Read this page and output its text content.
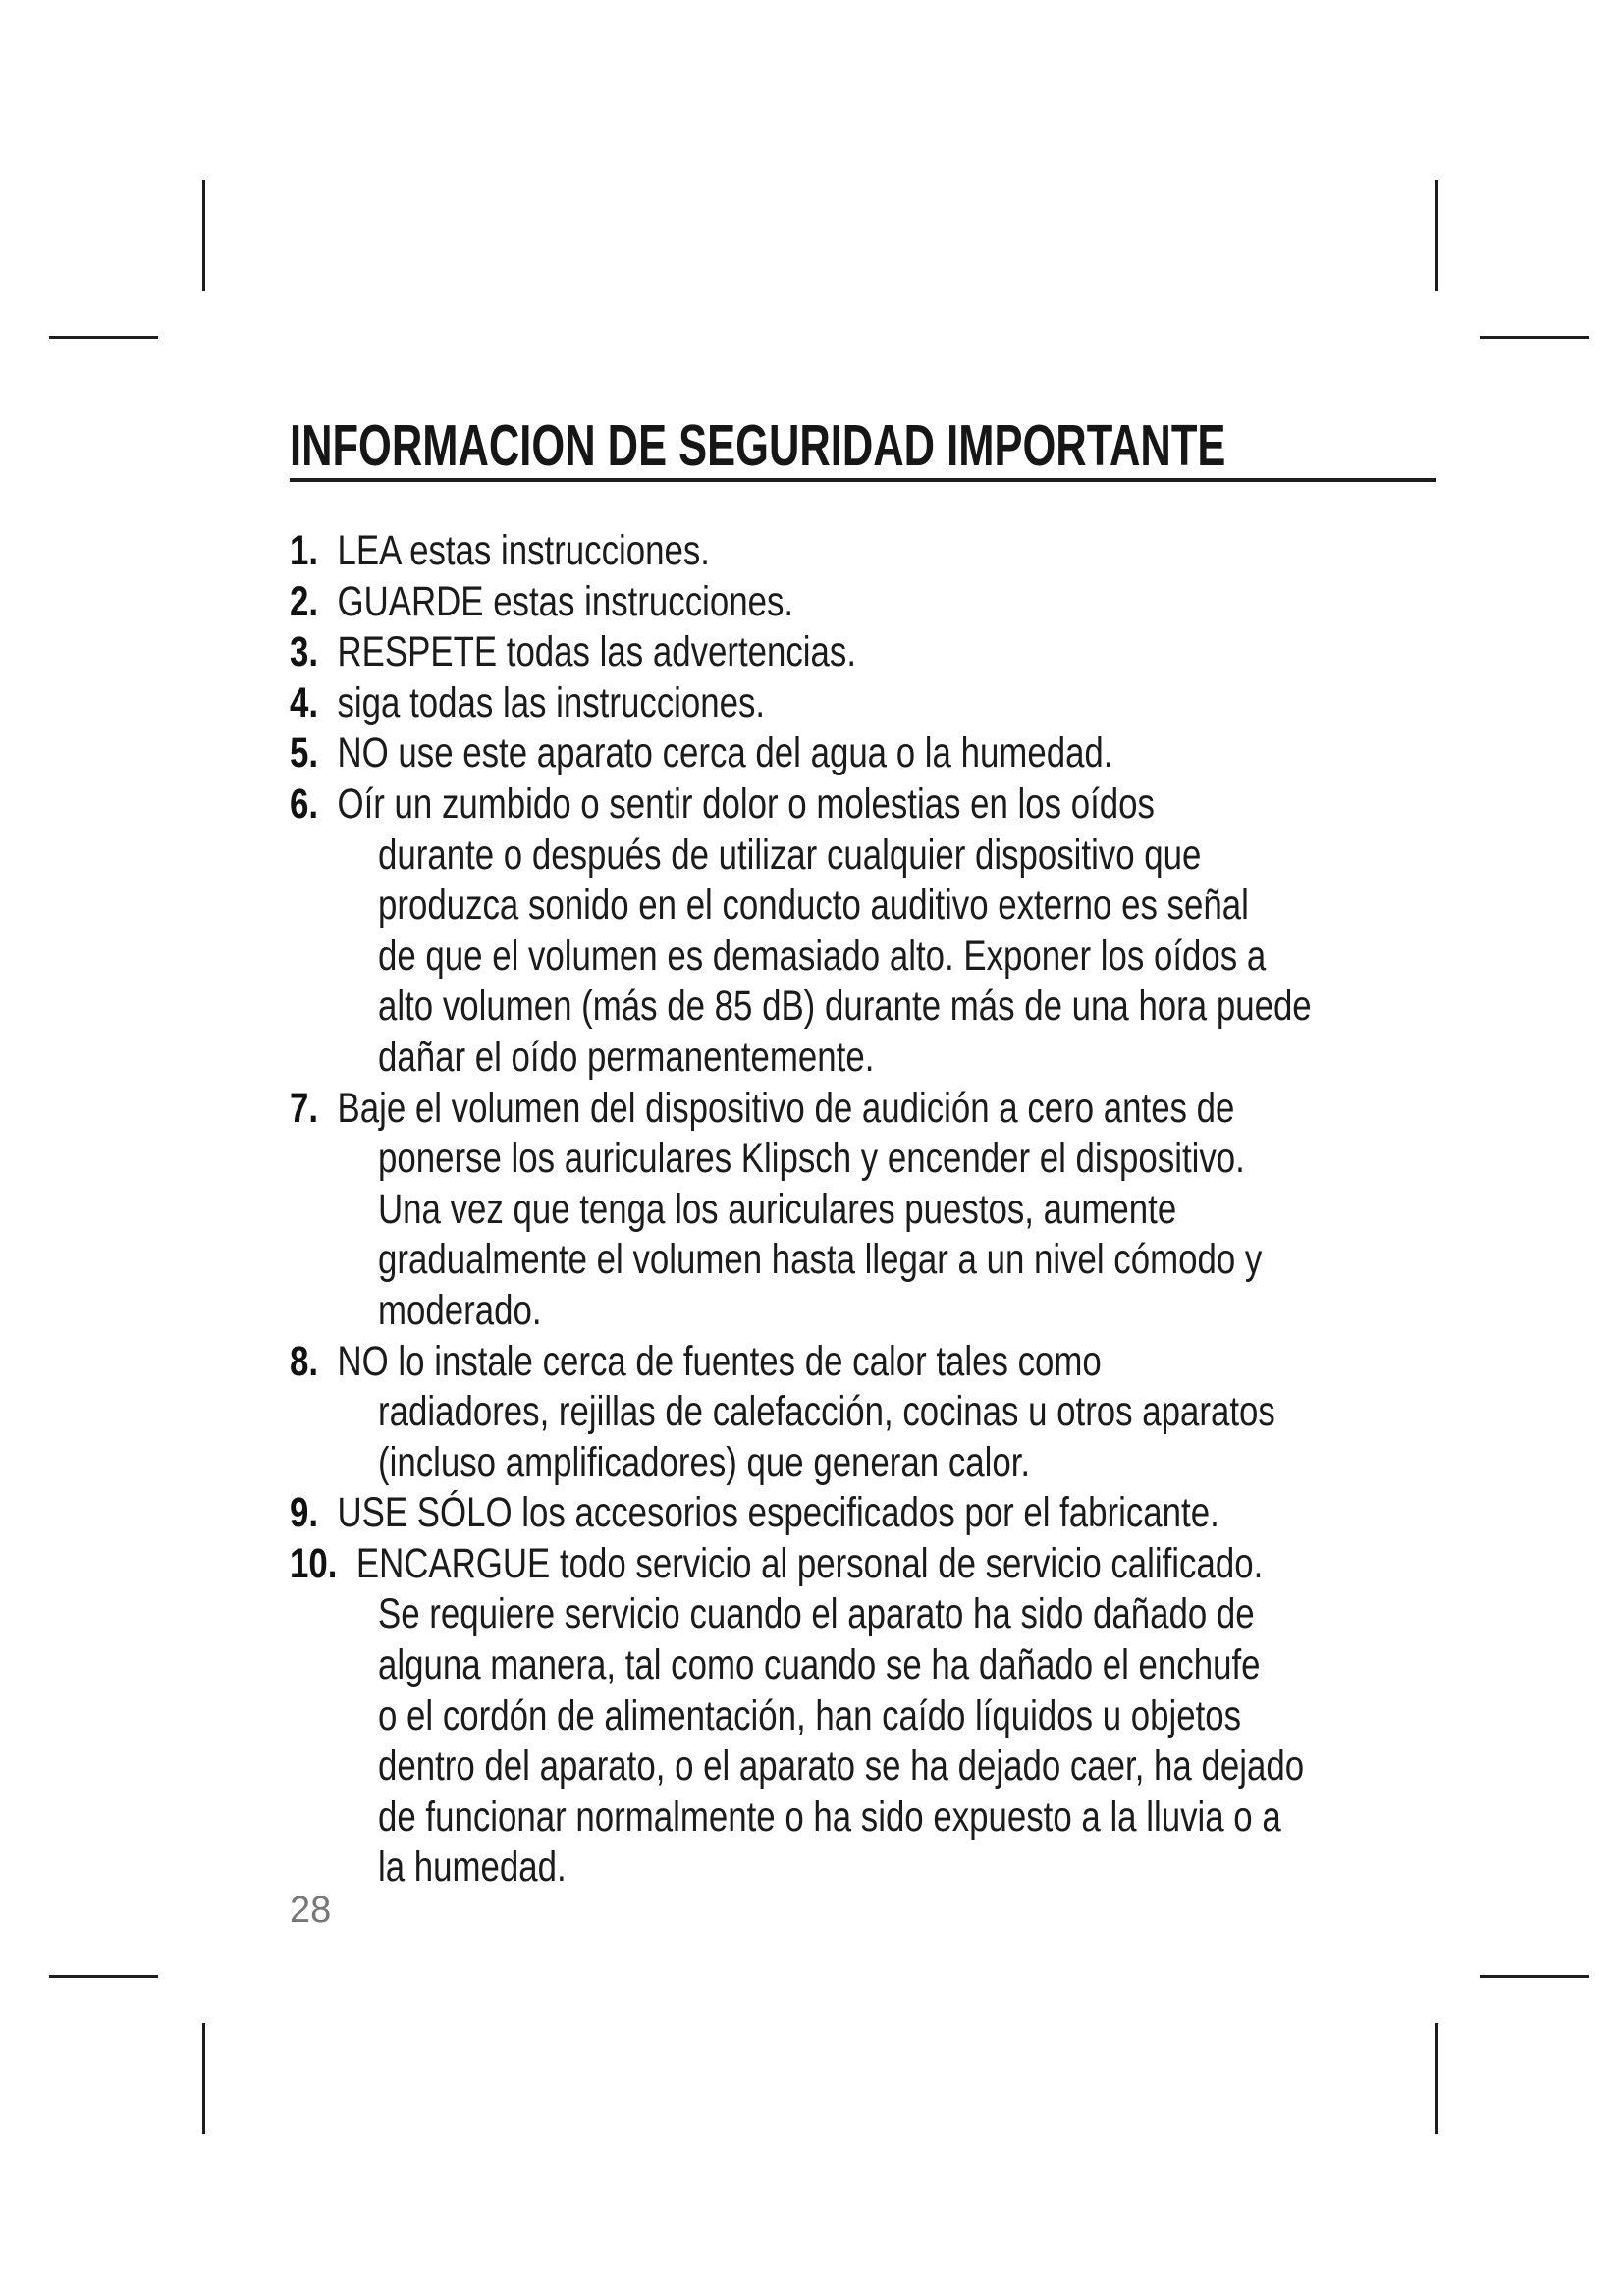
INFORMACION DE SEGURIDAD IMPORTANTE
1. LEA estas instrucciones.
2. GUARDE estas instrucciones.
3. RESPETE todas las advertencias.
4. siga todas las instrucciones.
5. NO use este aparato cerca del agua o la humedad.
6. Oír un zumbido o sentir dolor o molestias en los oídos
durante o después de utilizar cualquier dispositivo que
produzca sonido en el conducto auditivo externo es señal
de que el volumen es demasiado alto. Exponer los oídos a
alto volumen (más de 85 dB) durante más de una hora puede
dañar el oído permanentemente.
7. Baje el volumen del dispositivo de audición a cero antes de
ponerse los auriculares Klipsch y encender el dispositivo.
Una vez que tenga los auriculares puestos, aumente
gradualmente el volumen hasta llegar a un nivel cómodo y
moderado.
8. NO lo instale cerca de fuentes de calor tales como
radiadores, rejillas de calefacción, cocinas u otros aparatos
(incluso amplificadores) que generan calor.
9. USE SÓLO los accesorios especificados por el fabricante.
10. ENCARGUE todo servicio al personal de servicio calificado.
Se requiere servicio cuando el aparato ha sido dañado de
alguna manera, tal como cuando se ha dañado el enchufe
o el cordón de alimentación, han caído líquidos u objetos
dentro del aparato, o el aparato se ha dejado caer, ha dejado
de funcionar normalmente o ha sido expuesto a la lluvia o a
la humedad.
28
